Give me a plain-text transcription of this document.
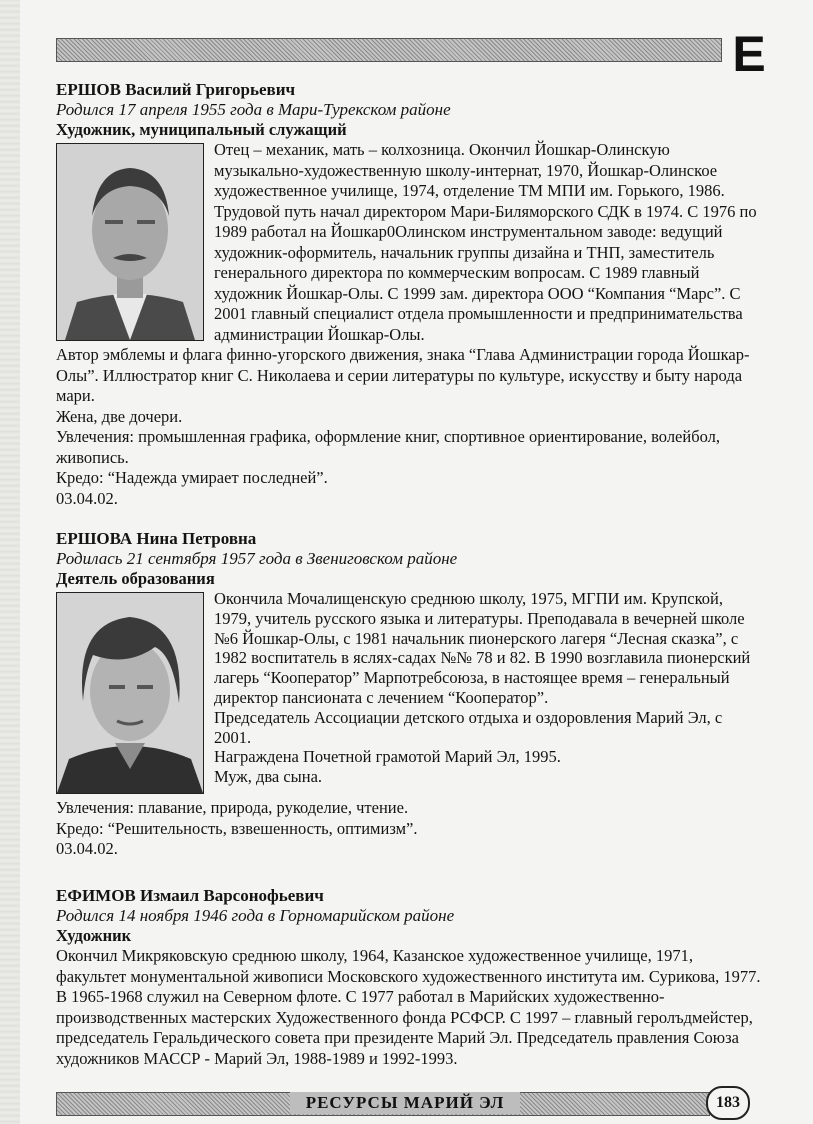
Е

ЕРШОВ Василий Григорьевич

Родился 17 апреля 1955 года в Мари-Турекском районе

Художник, муниципальный служащий

Отец – механик, мать – колхозница. Окончил Йошкар-Олинскую музыкально-художественную школу-интернат, 1970, Йошкар-Олинское художественное училище, 1974, отделение ТМ МПИ им. Горького, 1986. Трудовой путь начал директором Мари-Биляморского СДК в 1974. С 1976 по 1989 работал на Йошкар0Олинском инструментальном заводе: ведущий художник-оформитель, начальник группы дизайна и ТНП, заместитель генерального директора по коммерческим вопросам. С 1989 главный художник Йошкар-Олы. С 1999 зам. директора ООО “Компания “Марс”. С 2001 главный специалист отдела промышленности и предпринимательства администрации Йошкар-Олы.

Автор эмблемы и флага финно-угорского движения, знака “Глава Администрации города Йошкар-Олы”. Иллюстратор книг С. Николаева и серии литературы по культуре, искусству и быту народа мари.

Жена, две дочери.

Увлечения: промышленная графика, оформление книг, спортивное ориентирование, волейбол, живопись.

Кредо: “Надежда умирает последней”.

03.04.02.

ЕРШОВА Нина Петровна

Родилась 21 сентября 1957 года в Звениговском районе

Деятель образования

Окончила Мочалищенскую среднюю школу, 1975, МГПИ им. Крупской, 1979, учитель русского языка и литературы. Преподавала в вечерней школе №6 Йошкар-Олы, с 1981 начальник пионерского лагеря “Лесная сказка”, с 1982 воспитатель в яслях-садах №№ 78 и 82. В 1990 возглавила пионерский лагерь “Кооператор” Марпотребсоюза, в настоящее время – генеральный директор пансионата с лечением “Кооператор”.

Председатель Ассоциации детского отдыха и оздоровления Марий Эл, с 2001.

Награждена Почетной грамотой Марий Эл, 1995.

Муж, два сына.

Увлечения: плавание, природа, рукоделие, чтение.

Кредо: “Решительность, взвешенность, оптимизм”.

03.04.02.

ЕФИМОВ Измаил Варсонофьевич

Родился 14 ноября 1946 года в Горномарийском районе

Художник

Окончил Микряковскую среднюю школу, 1964, Казанское художественное училище, 1971, факультет монументальной живописи Московского художественного института им. Сурикова, 1977. В 1965-1968 служил на Северном флоте. С 1977 работал в Марийских художественно-производственных мастерских Художественного фонда РСФСР. С 1997 – главный геролъдмейстер, председатель Геральдического совета при президенте Марий Эл. Председатель правления Союза художников МАССР - Марий Эл, 1988-1989 и 1992-1993.

РЕСУРСЫ МАРИЙ ЭЛ	183
